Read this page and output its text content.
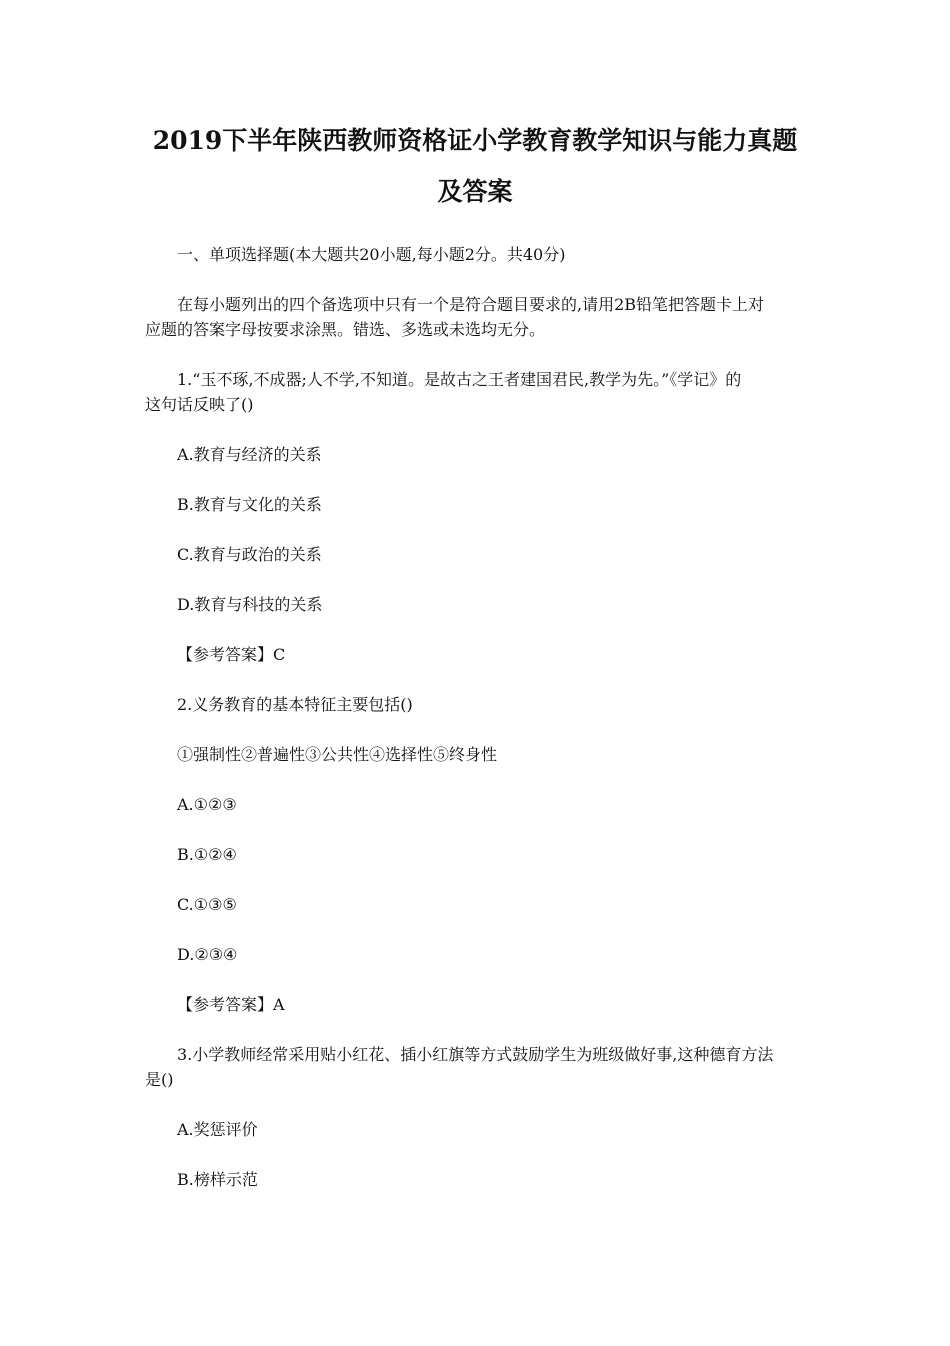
2019下半年陕西教师资格证小学教育教学知识与能力真题
及答案
一、单项选择题(本大题共20小题,每小题2分。共40分)
在每小题列出的四个备选项中只有一个是符合题目要求的,请用2B铅笔把答题卡上对
应题的答案字母按要求涂黑。错选、多选或未选均无分。
1.“玉不琢,不成器;人不学,不知道。是故古之王者建国君民,教学为先。”《学记》的
这句话反映了()
A.教育与经济的关系
B.教育与文化的关系
C.教育与政治的关系
D.教育与科技的关系
【参考答案】C
2.义务教育的基本特征主要包括()
①强制性②普遍性③公共性④选择性⑤终身性
A.①②③
B.①②④
C.①③⑤
D.②③④
【参考答案】A
3.小学教师经常采用贴小红花、插小红旗等方式鼓励学生为班级做好事,这种德育方法
是()
A.奖惩评价
B.榜样示范
